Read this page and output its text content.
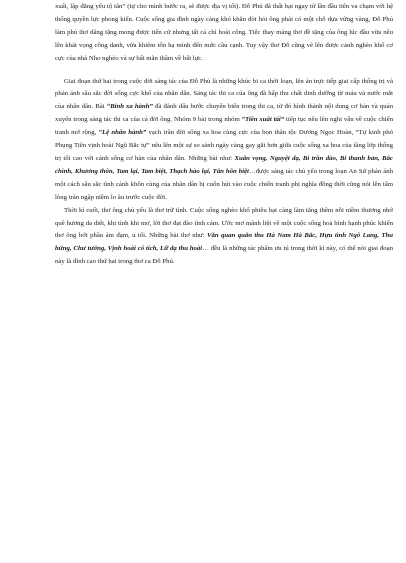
xuất, lập đăng yểu tộ tân” (tự cho mình bước ra, sẽ được địa vị tốt). Đỗ Phủ đã thất bại ngay từ lần đầu tiên va chạm với hệ thống quyền lực phong kiến. Cuộc sống gia đình ngày càng khó khăn đòi hỏi ông phải có một chỗ dựa vững vàng, Đỗ Phủ làm phú thơ dâng tặng mong được tiến cử nhưng tất cả chỉ hoài công. Tiếc thay mảng thơ đề tặng của ông lúc đầu vừa nêu lên khát vọng công danh, vừa khiêm tốn hạ mình đến mức cầu cạnh. Tuy vậy thơ Đỗ cũng vẽ lên được cảnh nghèo khổ cơ cực của nhà Nho nghèo và sự bất mãn thầm về bất lực.

Giai đoạn thứ hai trong cuộc đời sáng tác của Đỗ Phủ là những khúc bi ca thời loạn, lên án trực tiếp giai cấp thống trị và phản ánh sâu sắc đời sống cực khổ của nhân dân. Sáng tác thi ca của ông đã hấp thu chất dinh dưỡng từ máu và nước mắt của nhân dân. Bài “Binh xa hành” đã đánh dấu bước chuyển biến trong thi ca, từ đó hình thành nội dung cơ bản và quán xuyến trong sáng tác thi ca của cả đời ông. Nhóm 9 bài trong nhóm “Tiền xuất tái” tiếp tục nêu lên nghi vấn về cuộc chiến tranh mở rộng, “Lệ nhân hành” vạch trần đời sống xa hoa cùng cực của bọn thân tộc Dương Ngọc Hoàn, “Tự kinh phó Phụng Tiên vịnh hoài Ngũ Bắc tự” nêu lên một sự so sánh ngày càng gay gắt hơn giữa cuộc sống xa hoa của tầng lớp thống trị tối cao với cảnh sống cơ hàn của nhân dân. Những bài như: Xuân vọng, Nguyệt dạ, Bi trần đào, Bi thanh bản, Bắc chinh, Khương thôn, Tam lại, Tam biệt, Thạch hào lại, Tân hôn biệt…được sáng tác chủ yếu trong loạn An Sử phản ánh một cách sâu sắc tình cảnh khốn cùng của nhân dân bị cuốn hút vào cuộc chiến tranh phi nghĩa đồng thời cũng nói lên tấm lòng tràn ngập niềm lo âu trước cuộc đời.

Thời kì cuối, thơ ông chủ yếu là thơ trữ tình. Cuộc sống nghèo khổ phiêu bạt càng làm tăng thêm nỗi niềm thương nhớ quê hương da diết, khi tình khi mơ, lời thơ đạt đào tình cảm. Ước mơ mãnh liệt về một cuộc sống hoà bình hạnh phúc khiến thơ ông bớt phần ảm đạm, u tối. Những bài thơ như: Văn quan quân thu Hà Nam Hà Bắc, Hựu tình Ngô Lang, Thu hứng, Chư tướng, Vịnh hoài cổ tích, Lữ dạ thu hoài… đều là những tác phẩm ưu tú trong thời kì này, có thể nói giai đoạn này là đỉnh cao thứ hai trong thơ ca Đỗ Phủ.
